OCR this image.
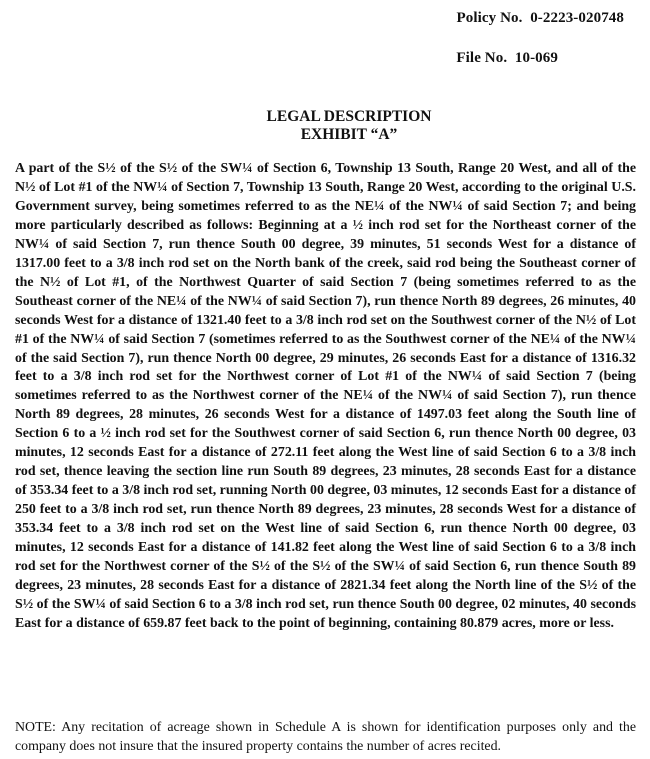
Policy No. 0-2223-020748
File No. 10-069
LEGAL DESCRIPTION
EXHIBIT “A”

A part of the S½ of the S½ of the SW¼ of Section 6, Township 13 South, Range 20 West, and all of the N½ of Lot #1 of the NW¼ of Section 7, Township 13 South, Range 20 West, according to the original U.S. Government survey, being sometimes referred to as the NE¼ of the NW¼ of said Section 7; and being more particularly described as follows: Beginning at a ½ inch rod set for the Northeast corner of the NW¼ of said Section 7, run thence South 00 degree, 39 minutes, 51 seconds West for a distance of 1317.00 feet to a 3/8 inch rod set on the North bank of the creek, said rod being the Southeast corner of the N½ of Lot #1, of the Northwest Quarter of said Section 7 (being sometimes referred to as the Southeast corner of the NE¼ of the NW¼ of said Section 7), run thence North 89 degrees, 26 minutes, 40 seconds West for a distance of 1321.40 feet to a 3/8 inch rod set on the Southwest corner of the N½ of Lot #1 of the NW¼ of said Section 7 (sometimes referred to as the Southwest corner of the NE¼ of the NW¼ of the said Section 7), run thence North 00 degree, 29 minutes, 26 seconds East for a distance of 1316.32 feet to a 3/8 inch rod set for the Northwest corner of Lot #1 of the NW¼ of said Section 7 (being sometimes referred to as the Northwest corner of the NE¼ of the NW¼ of said Section 7), run thence North 89 degrees, 28 minutes, 26 seconds West for a distance of 1497.03 feet along the South line of Section 6 to a ½ inch rod set for the Southwest corner of said Section 6, run thence North 00 degree, 03 minutes, 12 seconds East for a distance of 272.11 feet along the West line of said Section 6 to a 3/8 inch rod set, thence leaving the section line run South 89 degrees, 23 minutes, 28 seconds East for a distance of 353.34 feet to a 3/8 inch rod set, running North 00 degree, 03 minutes, 12 seconds East for a distance of 250 feet to a 3/8 inch rod set, run thence North 89 degrees, 23 minutes, 28 seconds West for a distance of 353.34 feet to a 3/8 inch rod set on the West line of said Section 6, run thence North 00 degree, 03 minutes, 12 seconds East for a distance of 141.82 feet along the West line of said Section 6 to a 3/8 inch rod set for the Northwest corner of the S½ of the S½ of the SW¼ of said Section 6, run thence South 89 degrees, 23 minutes, 28 seconds East for a distance of 2821.34 feet along the North line of the S½ of the S½ of the SW¼ of said Section 6 to a 3/8 inch rod set, run thence South 00 degree, 02 minutes, 40 seconds East for a distance of 659.87 feet back to the point of beginning, containing 80.879 acres, more or less.

NOTE: Any recitation of acreage shown in Schedule A is shown for identification purposes only and the company does not insure that the insured property contains the number of acres recited.
